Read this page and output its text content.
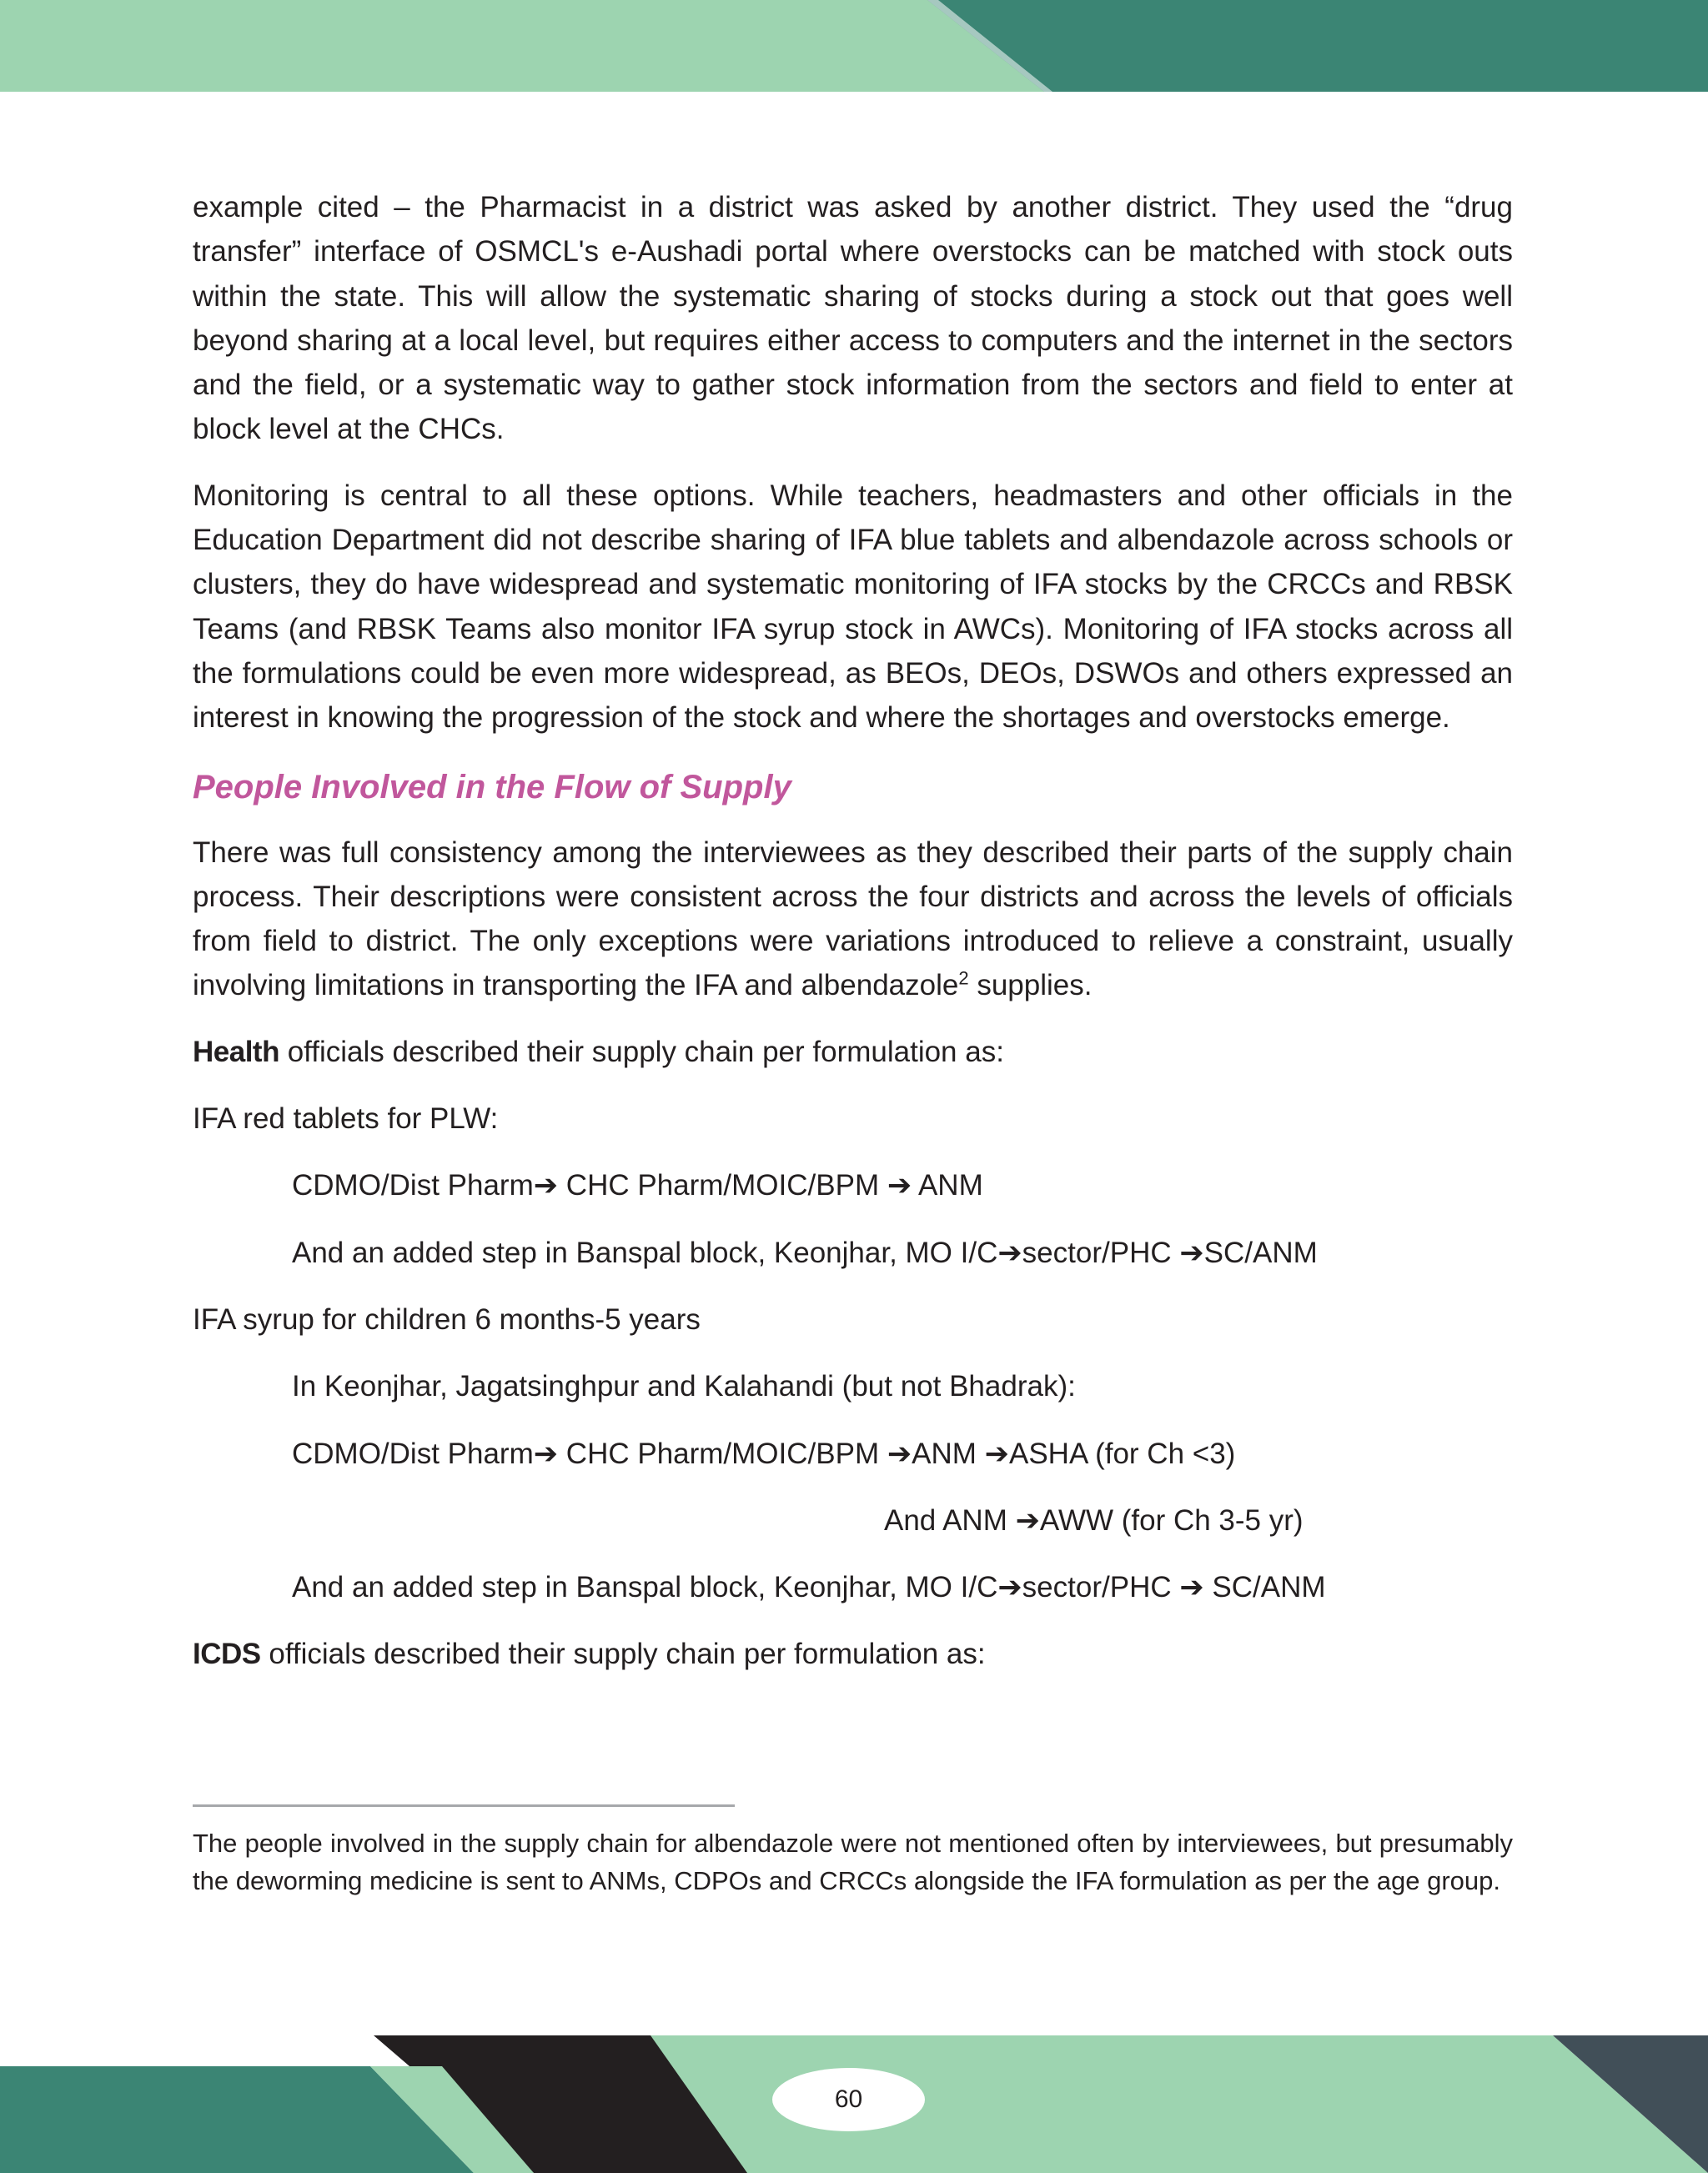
example cited – the Pharmacist in a district was asked by another district. They used the “drug transfer” interface of OSMCL's e-Aushadi portal where overstocks can be matched with stock outs within the state. This will allow the systematic sharing of stocks during a stock out that goes well beyond sharing at a local level, but requires either access to computers and the internet in the sectors and the field, or a systematic way to gather stock information from the sectors and field to enter at block level at the CHCs.

Monitoring is central to all these options. While teachers, headmasters and other officials in the Education Department did not describe sharing of IFA blue tablets and albendazole across schools or clusters, they do have widespread and systematic monitoring of IFA stocks by the CRCCs and RBSK Teams (and RBSK Teams also monitor IFA syrup stock in AWCs). Monitoring of IFA stocks across all the formulations could be even more widespread, as BEOs, DEOs, DSWOs and others expressed an interest in knowing the progression of the stock and where the shortages and overstocks emerge.

People Involved in the Flow of Supply

There was full consistency among the interviewees as they described their parts of the supply chain process. Their descriptions were consistent across the four districts and across the levels of officials from field to district. The only exceptions were variations introduced to relieve a constraint, usually involving limitations in transporting the IFA and albendazole$^2$ supplies.

Health officials described their supply chain per formulation as:

IFA red tablets for PLW:

CDMO/Dist Pharm➔ CHC Pharm/MOIC/BPM ➔ ANM

And an added step in Banspal block, Keonjhar, MO I/C➔sector/PHC ➔SC/ANM

IFA syrup for children 6 months-5 years

In Keonjhar, Jagatsinghpur and Kalahandi (but not Bhadrak):

CDMO/Dist Pharm➔ CHC Pharm/MOIC/BPM ➔ANM ➔ASHA (for Ch <3)

And ANM ➔AWW (for Ch 3-5 yr)

And an added step in Banspal block, Keonjhar, MO I/C➔sector/PHC ➔ SC/ANM

ICDS officials described their supply chain per formulation as:

The people involved in the supply chain for albendazole were not mentioned often by interviewees, but presumably the deworming medicine is sent to ANMs, CDPOs and CRCCs alongside the IFA formulation as per the age group.

60
